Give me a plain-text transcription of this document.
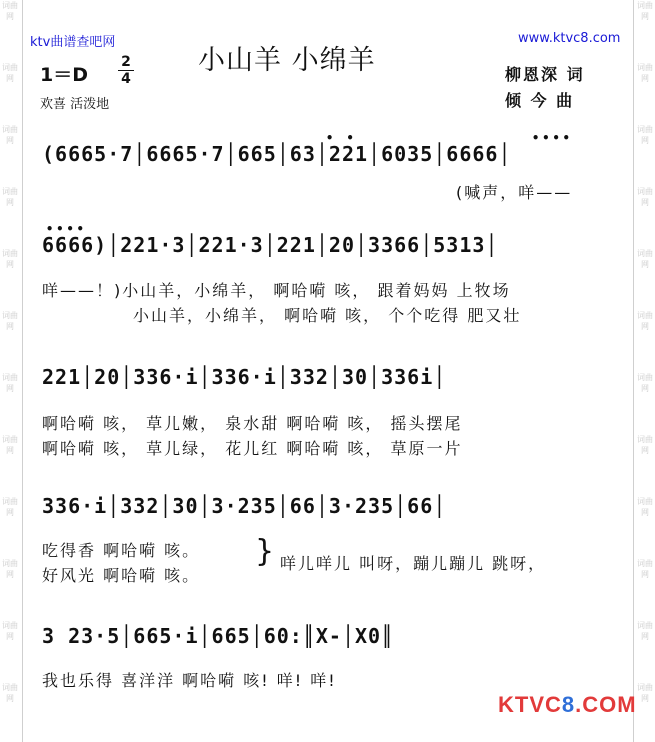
词曲网
词曲网
词曲网
词曲网
词曲网
词曲网
词曲网
词曲网
词曲网
词曲网
词曲网
词曲网
词曲网
词曲网
词曲网
词曲网
词曲网
词曲网
词曲网
词曲网
词曲网
词曲网
词曲网
词曲网
ktv曲谱查吧网	www.ktvc8.com
小山羊 小绵羊
1＝D
2
4
欢喜 活泼地
柳恩深 词
倾 今 曲
••••
• •
(6665·7│6665·7│665│63│221│6035│6666│
(喊声，咩——
••••
6666)│221·3│221·3│221│20│3366│5313│
咩——！)小山羊，小绵羊， 啊哈嗬 咳， 跟着妈妈 上牧场
小山羊，小绵羊， 啊哈嗬 咳， 个个吃得 肥又壮
221│20│336·i│336·i│332│30│336i│
啊哈嗬 咳， 草儿嫩， 泉水甜 啊哈嗬 咳， 摇头摆尾
啊哈嗬 咳， 草儿绿， 花儿红 啊哈嗬 咳， 草原一片
336·i│332│30│3·235│66│3·235│66│
吃得香 啊哈嗬 咳。
好风光 啊哈嗬 咳。
} 咩儿咩儿 叫呀，蹦儿蹦儿 跳呀，
3 23·5│665·i│665│60:║X-│X0║
我也乐得 喜洋洋 啊哈嗬 咳! 咩! 咩!
KTVC8.COM
